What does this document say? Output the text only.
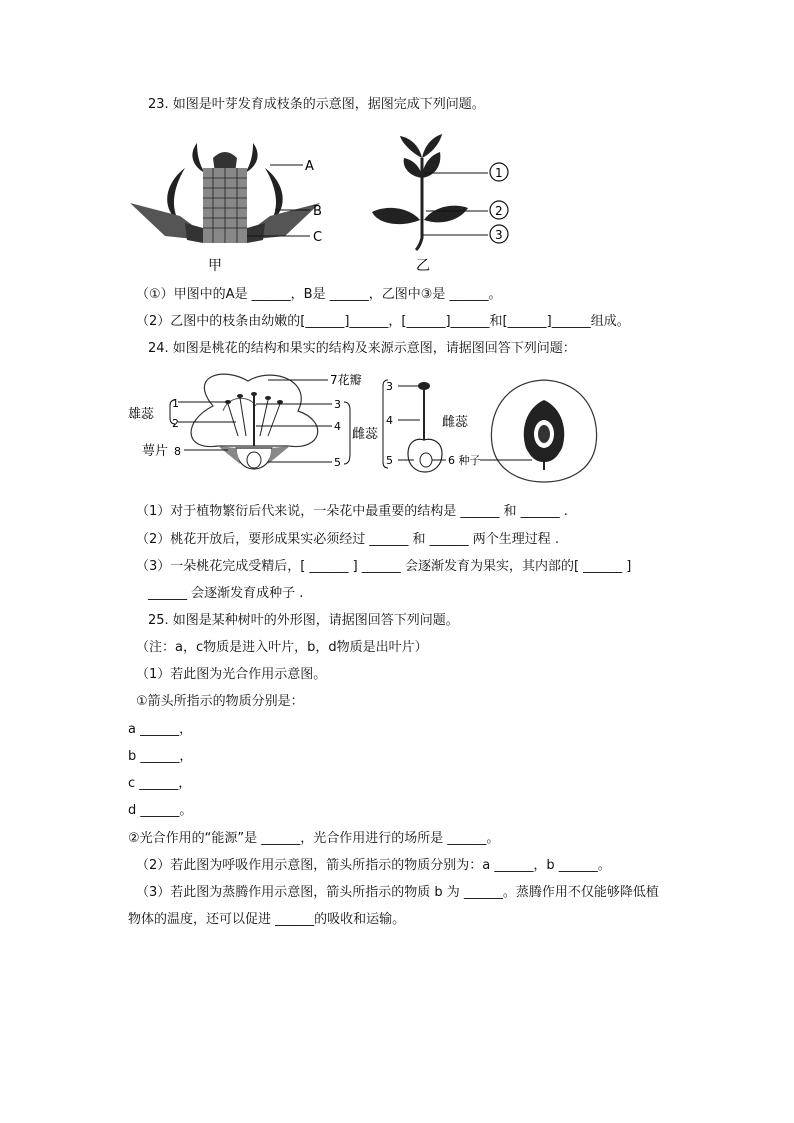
23. 如图是叶芽发育成枝条的示意图，据图完成下列问题。
A
B
C
甲
1
2
3
乙
（①）甲图中的A是 ______，B是 ______，乙图中③是 ______。
（2）乙图中的枝条由幼嫩的[______]______，[______]______和[______]______组成。
24. 如图是桃花的结构和果实的结构及来源示意图，请据图回答下列问题：
雄蕊
1
2
萼片 8
7花瓣
3
4
5
雌蕊
3
4
5	6 种子
雌蕊
（1）对于植物繁衍后代来说，一朵花中最重要的结构是 ______ 和 ______ .
（2）桃花开放后，要形成果实必须经过 ______ 和 ______ 两个生理过程 .
（3）一朵桃花完成受精后，[ ______ ] ______ 会逐渐发育为果实，其内部的[ ______ ]
______ 会逐渐发育成种子 .
25. 如图是某种树叶的外形图，请据图回答下列问题。
（注：a，c物质是进入叶片，b，d物质是出叶片）
（1）若此图为光合作用示意图。
①箭头所指示的物质分别是：
a ______，
b ______，
c ______，
d ______。
②光合作用的“能源”是 ______，光合作用进行的场所是 ______。
（2）若此图为呼吸作用示意图，箭头所指示的物质分别为：a ______，b ______。
（3）若此图为蒸腾作用示意图，箭头所指示的物质 b 为 ______。蒸腾作用不仅能够降低植
物体的温度，还可以促进 ______的吸收和运输。
